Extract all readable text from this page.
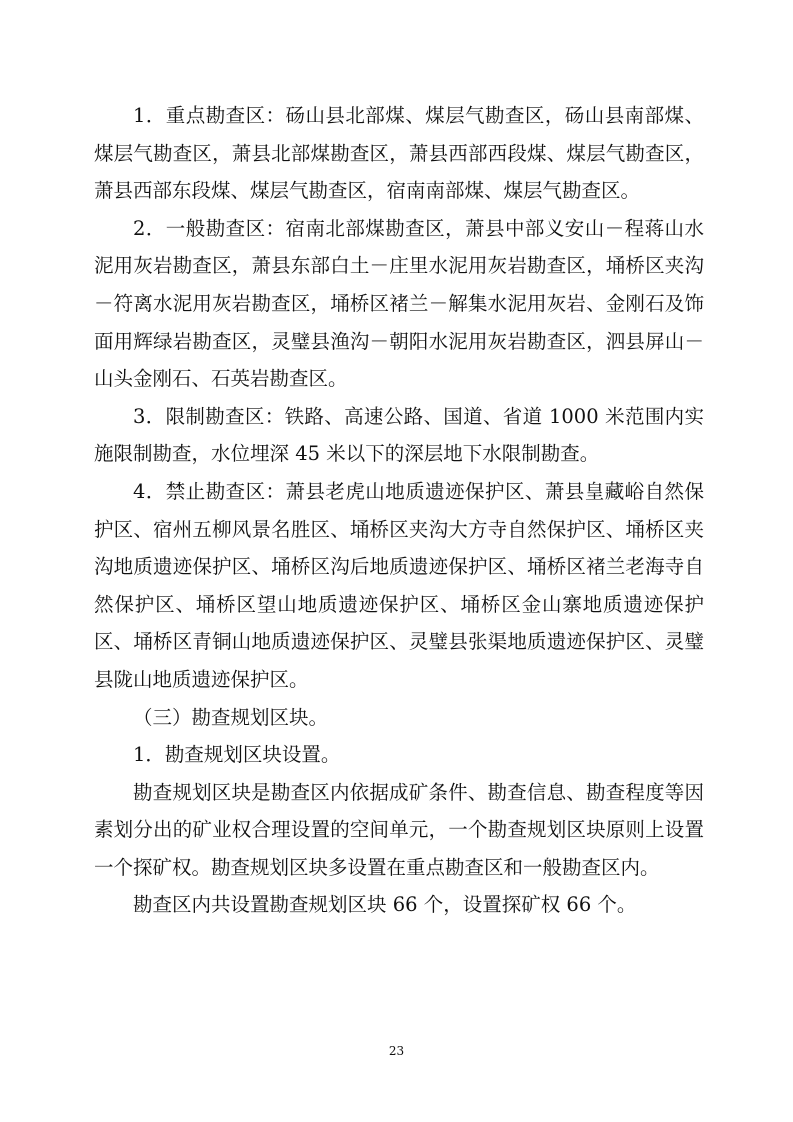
1．重点勘查区：砀山县北部煤、煤层气勘查区，砀山县南部煤、煤层气勘查区，萧县北部煤勘查区，萧县西部西段煤、煤层气勘查区，萧县西部东段煤、煤层气勘查区，宿南南部煤、煤层气勘查区。

2．一般勘查区：宿南北部煤勘查区，萧县中部义安山－程蒋山水泥用灰岩勘查区，萧县东部白土－庄里水泥用灰岩勘查区，埇桥区夹沟－符离水泥用灰岩勘查区，埇桥区褚兰－解集水泥用灰岩、金刚石及饰面用辉绿岩勘查区，灵璧县渔沟－朝阳水泥用灰岩勘查区，泗县屏山－山头金刚石、石英岩勘查区。

3．限制勘查区：铁路、高速公路、国道、省道 1000 米范围内实施限制勘查，水位埋深 45 米以下的深层地下水限制勘查。

4．禁止勘查区：萧县老虎山地质遗迹保护区、萧县皇藏峪自然保护区、宿州五柳风景名胜区、埇桥区夹沟大方寺自然保护区、埇桥区夹沟地质遗迹保护区、埇桥区沟后地质遗迹保护区、埇桥区褚兰老海寺自然保护区、埇桥区望山地质遗迹保护区、埇桥区金山寨地质遗迹保护区、埇桥区青铜山地质遗迹保护区、灵璧县张渠地质遗迹保护区、灵璧县陇山地质遗迹保护区。

（三）勘查规划区块。

1．勘查规划区块设置。

勘查规划区块是勘查区内依据成矿条件、勘查信息、勘查程度等因素划分出的矿业权合理设置的空间单元，一个勘查规划区块原则上设置一个探矿权。勘查规划区块多设置在重点勘查区和一般勘查区内。

勘查区内共设置勘查规划区块 66 个，设置探矿权 66 个。

23
